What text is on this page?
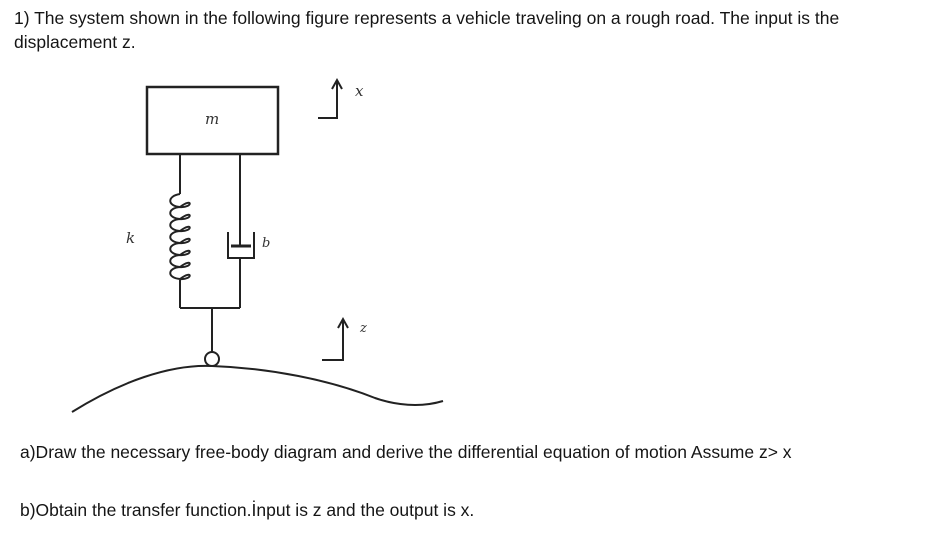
1) The system shown in the following figure represents a vehicle traveling on a rough road. The input is the displacement z.
m
k	b
x
z
a)Draw the necessary free-body diagram and derive the differential equation of motion Assume z> x
b)Obtain the transfer function.İnput is z and the output is x.
